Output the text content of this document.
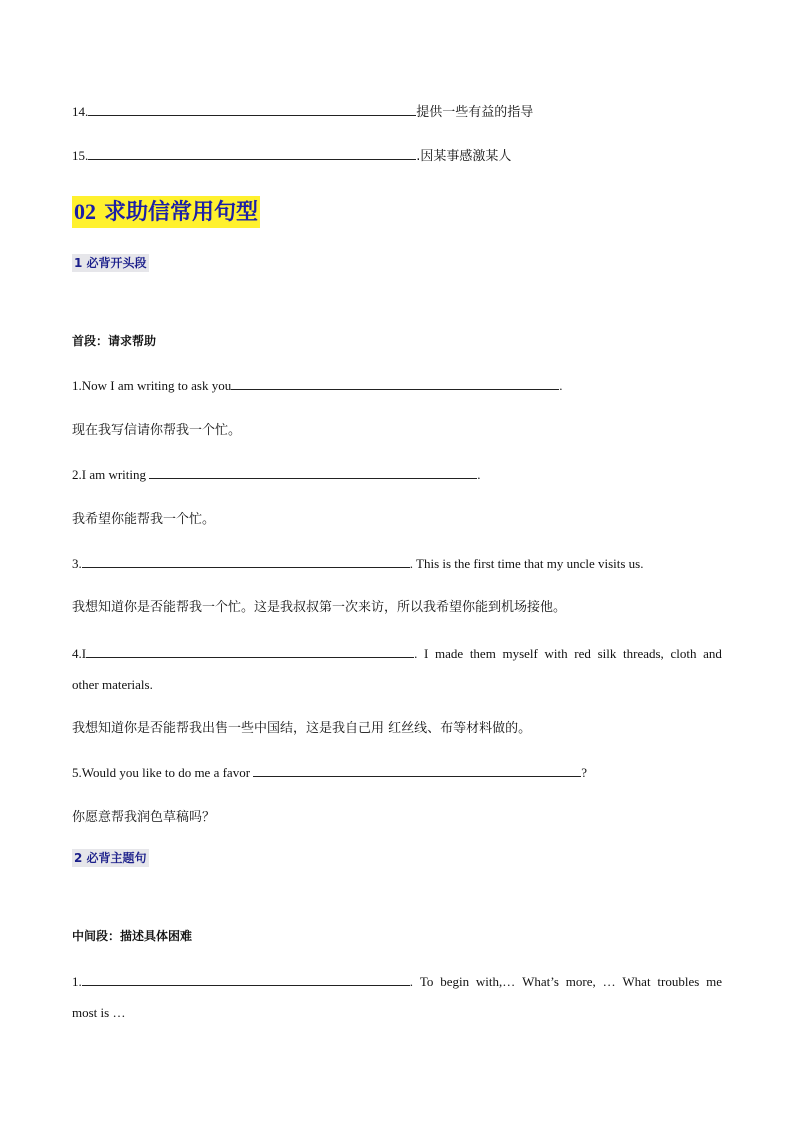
14.	提供一些有益的指导
15.	.因某事感激某人
02 求助信常用句型
1 必背开头段
首段：请求帮助
1.Now I am writing to ask you	.
现在我写信请你帮我一个忙。
2.I am writing	.
我希望你能帮我一个忙。
3.	. This is the first time that my uncle visits us.
我想知道你是否能帮我一个忙。这是我叔叔第一次来访，所以我希望你能到机场接他。
4.I	. I made them myself with red silk threads, cloth and
other materials.
我想知道你是否能帮我出售一些中国结，这是我自己用 红丝线、布等材料做的。
5.Would you like to do me a favor	?
你愿意帮我润色草稿吗？
2 必背主题句
中间段：描述具体困难
1.	. To begin with,… What’s more, … What troubles me
most is …
